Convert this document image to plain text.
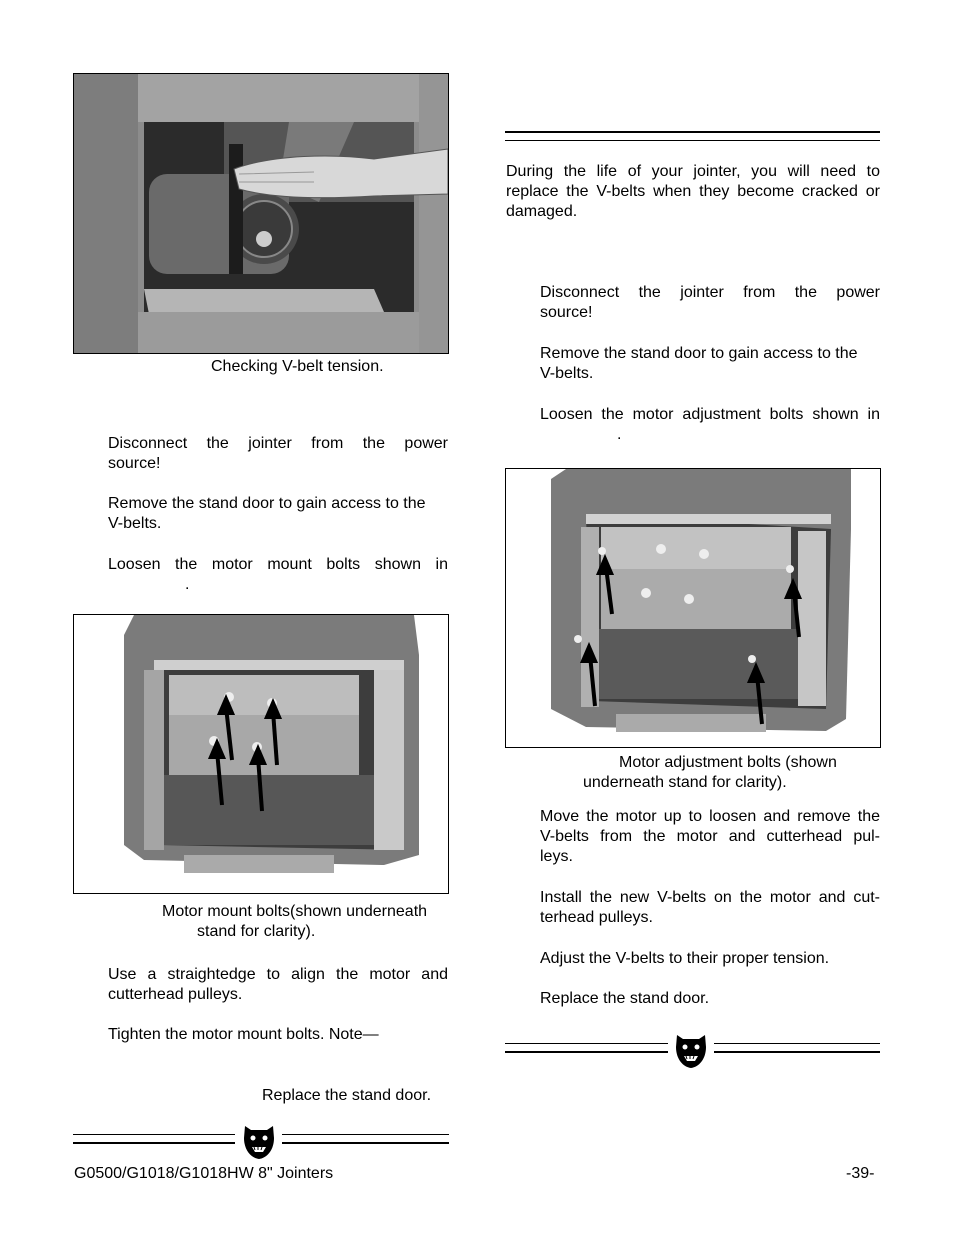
Checking V-belt tension.
Disconnect the jointer from the power
source!
Remove the stand door to gain access to the
V-belts.
Loosen the motor mount bolts shown in
.
Motor mount bolts(shown underneath
stand for clarity).
Use a straightedge to align the motor and
cutterhead pulleys.
Tighten the motor mount bolts. Note—
Replace the stand door.
During the life of your jointer, you will need to
replace the V-belts when they become cracked or
damaged.
Disconnect the jointer from the power
source!
Remove the stand door to gain access to the
V-belts.
Loosen the motor adjustment bolts shown in
.
Motor adjustment bolts (shown
underneath stand for clarity).
Move the motor up to loosen and remove the
V-belts from the motor and cutterhead pul-
leys.
Install the new V-belts on the motor and cut-
terhead pulleys.
Adjust the V-belts to their proper tension.
Replace the stand door.
G0500/G1018/G1018HW 8" Jointers	-39-
